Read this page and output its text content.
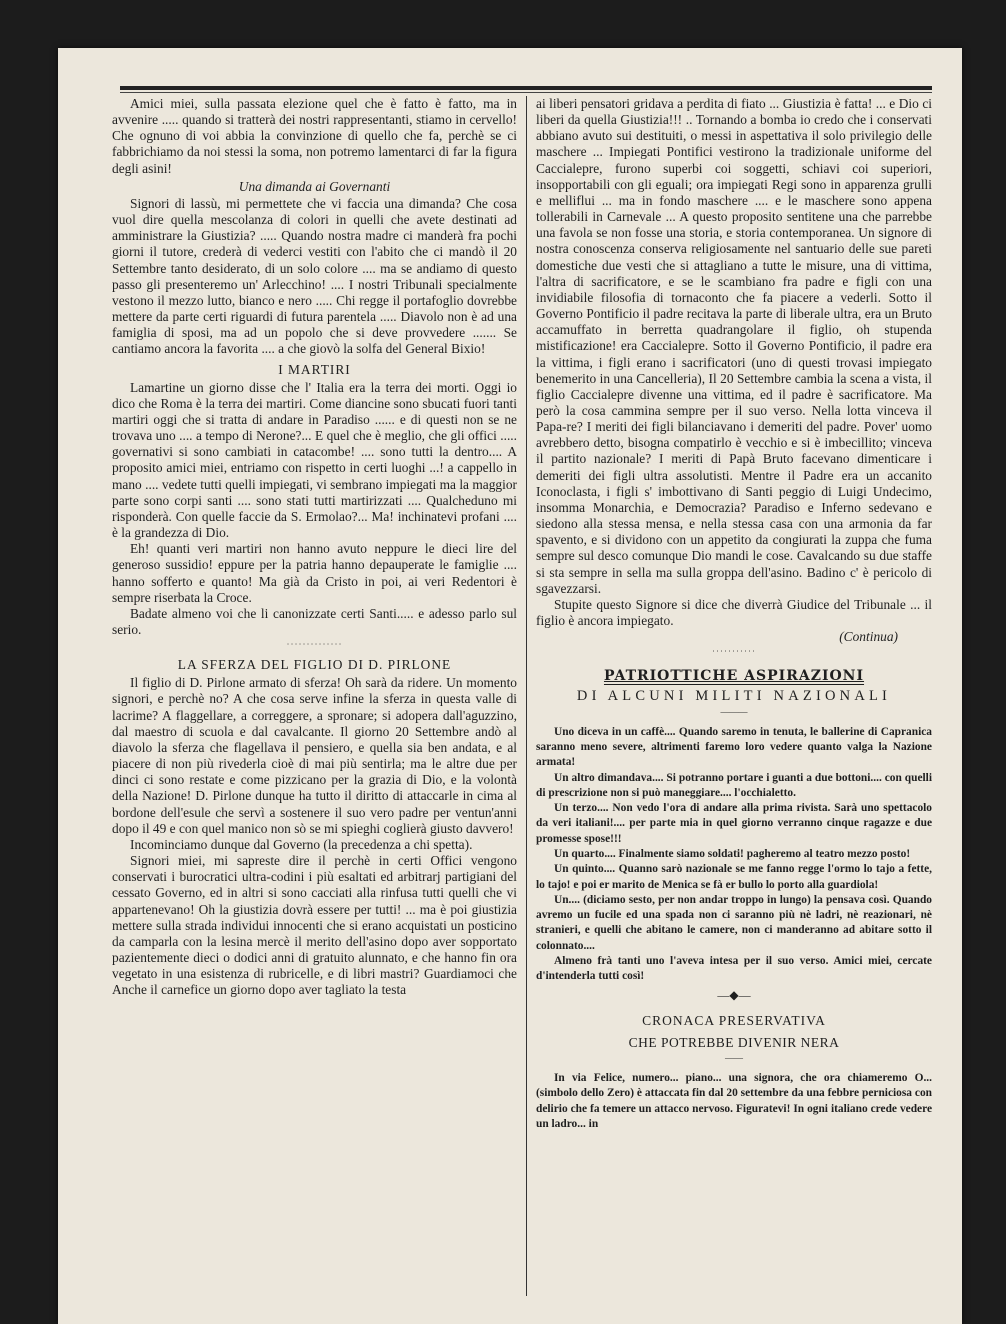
Amici miei, sulla passata elezione quel che è fatto è fatto, ma in avvenire ..... quando si tratterà dei nostri rappresentanti, stiamo in cervello! Che ognuno di voi abbia la convinzione di quello che fa, perchè se ci fabbrichiamo da noi stessi la soma, non potremo lamentarci di far la figura degli asini!

Una dimanda ai Governanti

Signori di lassù, mi permettete che vi faccia una dimanda? Che cosa vuol dire quella mescolanza di colori in quelli che avete destinati ad amministrare la Giustizia? ..... Quando nostra madre ci manderà fra pochi giorni il tutore, crederà di vederci vestiti con l'abito che ci mandò il 20 Settembre tanto desiderato, di un solo colore .... ma se andiamo di questo passo gli presenteremo un' Arlecchino! .... I nostri Tribunali specialmente vestono il mezzo lutto, bianco e nero ..... Chi regge il portafoglio dovrebbe mettere da parte certi riguardi di futura parentela ..... Diavolo non è ad una famiglia di sposi, ma ad un popolo che si deve provvedere ....... Se cantiamo ancora la favorita .... a che giovò la solfa del General Bixio!

I MARTIRI

Lamartine un giorno disse che l' Italia era la terra dei morti. Oggi io dico che Roma è la terra dei martiri. Come diancine sono sbucati fuori tanti martiri oggi che si tratta di andare in Paradiso ...... e di questi non se ne trovava uno .... a tempo di Nerone?... E quel che è meglio, che gli offici ..... governativi si sono cambiati in catacombe! .... sono tutti la dentro.... A proposito amici miei, entriamo con rispetto in certi luoghi ...! a cappello in mano .... vedete tutti quelli impiegati, vi sembrano impiegati ma la maggior parte sono corpi santi .... sono stati tutti martirizzati .... Qualcheduno mi risponderà. Con quelle faccie da S. Ermolao?... Ma! inchinatevi profani .... è la grandezza di Dio.

Eh! quanti veri martiri non hanno avuto neppure le dieci lire del generoso sussidio! eppure per la patria hanno depauperate le famiglie .... hanno sofferto e quanto! Ma già da Cristo in poi, ai veri Redentori è sempre riserbata la Croce.

Badate almeno voi che li canonizzate certi Santi..... e adesso parlo sul serio.

˙˙˙˙˙˙˙˙˙˙˙˙˙˙
LA SFERZA DEL FIGLIO DI D. PIRLONE

Il figlio di D. Pirlone armato di sferza! Oh sarà da ridere. Un momento signori, e perchè no? A che cosa serve infine la sferza in questa valle di lacrime? A flaggellare, a correggere, a spronare; si adopera dall'aguzzino, dal maestro di scuola e dal cavalcante. Il giorno 20 Settembre andò al diavolo la sferza che flagellava il pensiero, e quella sia ben andata, e al piacere di non più rivederla cioè di mai più sentirla; ma le altre due per dinci ci sono restate e come pizzicano per la grazia di Dio, e la volontà della Nazione! D. Pirlone dunque ha tutto il diritto di attaccarle in cima al bordone dell'esule che servì a sostenere il suo vero padre per ventun'anni dopo il 49 e con quel manico non sò se mi spieghi coglierà giusto davvero!

Incominciamo dunque dal Governo (la precedenza a chi spetta).

Signori miei, mi sapreste dire il perchè in certi Offici vengono conservati i burocratici ultra-codini i più esaltati ed arbitrarj partigiani del cessato Governo, ed in altri si sono cacciati alla rinfusa tutti quelli che vi appartenevano! Oh la giustizia dovrà essere per tutti! ... ma è poi giustizia mettere sulla strada individui innocenti che si erano acquistati un posticino da camparla con la lesina mercè il merito dell'asino dopo aver sopportato pazientemente dieci o dodici anni di gratuito alunnato, e che hanno fin ora vegetato in una esistenza di rubricelle, e di libri mastri? Guardiamoci che Anche il carnefice un giorno dopo aver tagliato la testa

ai liberi pensatori gridava a perdita di fiato ... Giustizia è fatta! ... e Dio ci liberi da quella Giustizia!!! .. Tornando a bomba io credo che i conservati abbiano avuto sui destituiti, o messi in aspettativa il solo privilegio delle maschere ... Impiegati Pontifici vestirono la tradizionale uniforme del Caccialepre, furono superbi coi soggetti, schiavi coi superiori, insopportabili con gli eguali; ora impiegati Regi sono in apparenza grulli e melliflui ... ma in fondo maschere .... e le maschere sono appena tollerabili in Carnevale ... A questo proposito sentitene una che parrebbe una favola se non fosse una storia, e storia contemporanea. Un signore di nostra conoscenza conserva religiosamente nel santuario delle sue pareti domestiche due vesti che si attagliano a tutte le misure, una di vittima, l'altra di sacrificatore, e se le scambiano fra padre e figli con una invidiabile filosofia di tornaconto che fa piacere a vederli. Sotto il Governo Pontificio il padre recitava la parte di liberale ultra, era un Bruto accamuffato in berretta quadrangolare il figlio, oh stupenda mistificazione! era Caccialepre. Sotto il Governo Pontificio, il padre era la vittima, i figli erano i sacrificatori (uno di questi trovasi impiegato benemerito in una Cancelleria), Il 20 Settembre cambia la scena a vista, il figlio Caccialepre divenne una vittima, ed il padre è sacrificatore. Ma però la cosa cammina sempre per il suo verso. Nella lotta vinceva il Papa-re? I meriti dei figli bilanciavano i demeriti del padre. Pover' uomo avrebbero detto, bisogna compatirlo è vecchio e si è imbecillito; vinceva il partito nazionale? I meriti di Papà Bruto facevano dimenticare i demeriti dei figli ultra assolutisti. Mentre il Padre era un accanito Iconoclasta, i figli s' imbottivano di Santi peggio di Luigi Undecimo, insomma Monarchia, e Democrazia? Paradiso e Inferno sedevano e siedono alla stessa mensa, e nella stessa casa con una armonia da far spavento, e si dividono con un appetito da congiurati la zuppa che fuma sempre sul desco comunque Dio mandi le cose. Cavalcando su due staffe si sta sempre in sella ma sulla groppa dell'asino. Badino c' è pericolo di sgavezzarsi.

Stupite questo Signore si dice che diverrà Giudice del Tribunale ... il figlio è ancora impiegato.

(Continua)
˙˙˙˙˙˙˙˙˙˙˙
PATRIOTTICHE ASPIRAZIONI
DI ALCUNI MILITI NAZIONALI
———

Uno diceva in un caffè.... Quando saremo in tenuta, le ballerine di Capranica saranno meno severe, altrimenti faremo loro vedere quanto valga la Nazione armata!

Un altro dimandava.... Si potranno portare i guanti a due bottoni.... con quelli di prescrizione non si può maneggiare.... l'occhialetto.

Un terzo.... Non vedo l'ora di andare alla prima rivista. Sarà uno spettacolo da veri italiani!.... per parte mia in quel giorno verranno cinque ragazze e due promesse spose!!!

Un quarto.... Finalmente siamo soldati! pagheremo al teatro mezzo posto!

Un quinto.... Quanno sarò nazionale se me fanno regge l'ormo lo tajo a fette, lo tajo! e poi er marito de Menica se fà er bullo lo porto alla guardiola!

Un.... (diciamo sesto, per non andar troppo in lungo) la pensava così. Quando avremo un fucile ed una spada non ci saranno più nè ladri, nè reazionari, nè stranieri, e quelli che abitano le camere, non ci manderanno ad abitare sotto il colonnato....

Almeno frà tanti uno l'aveva intesa per il suo verso. Amici miei, cercate d'intenderla tutti così!

—◆—
CRONACA PRESERVATIVA
CHE POTREBBE DIVENIR NERA
——

In via Felice, numero... piano... una signora, che ora chiameremo O... (simbolo dello Zero) è attaccata fin dal 20 settembre da una febbre perniciosa con delirio che fa temere un attacco nervoso. Figuratevi! In ogni italiano crede vedere un ladro... in
